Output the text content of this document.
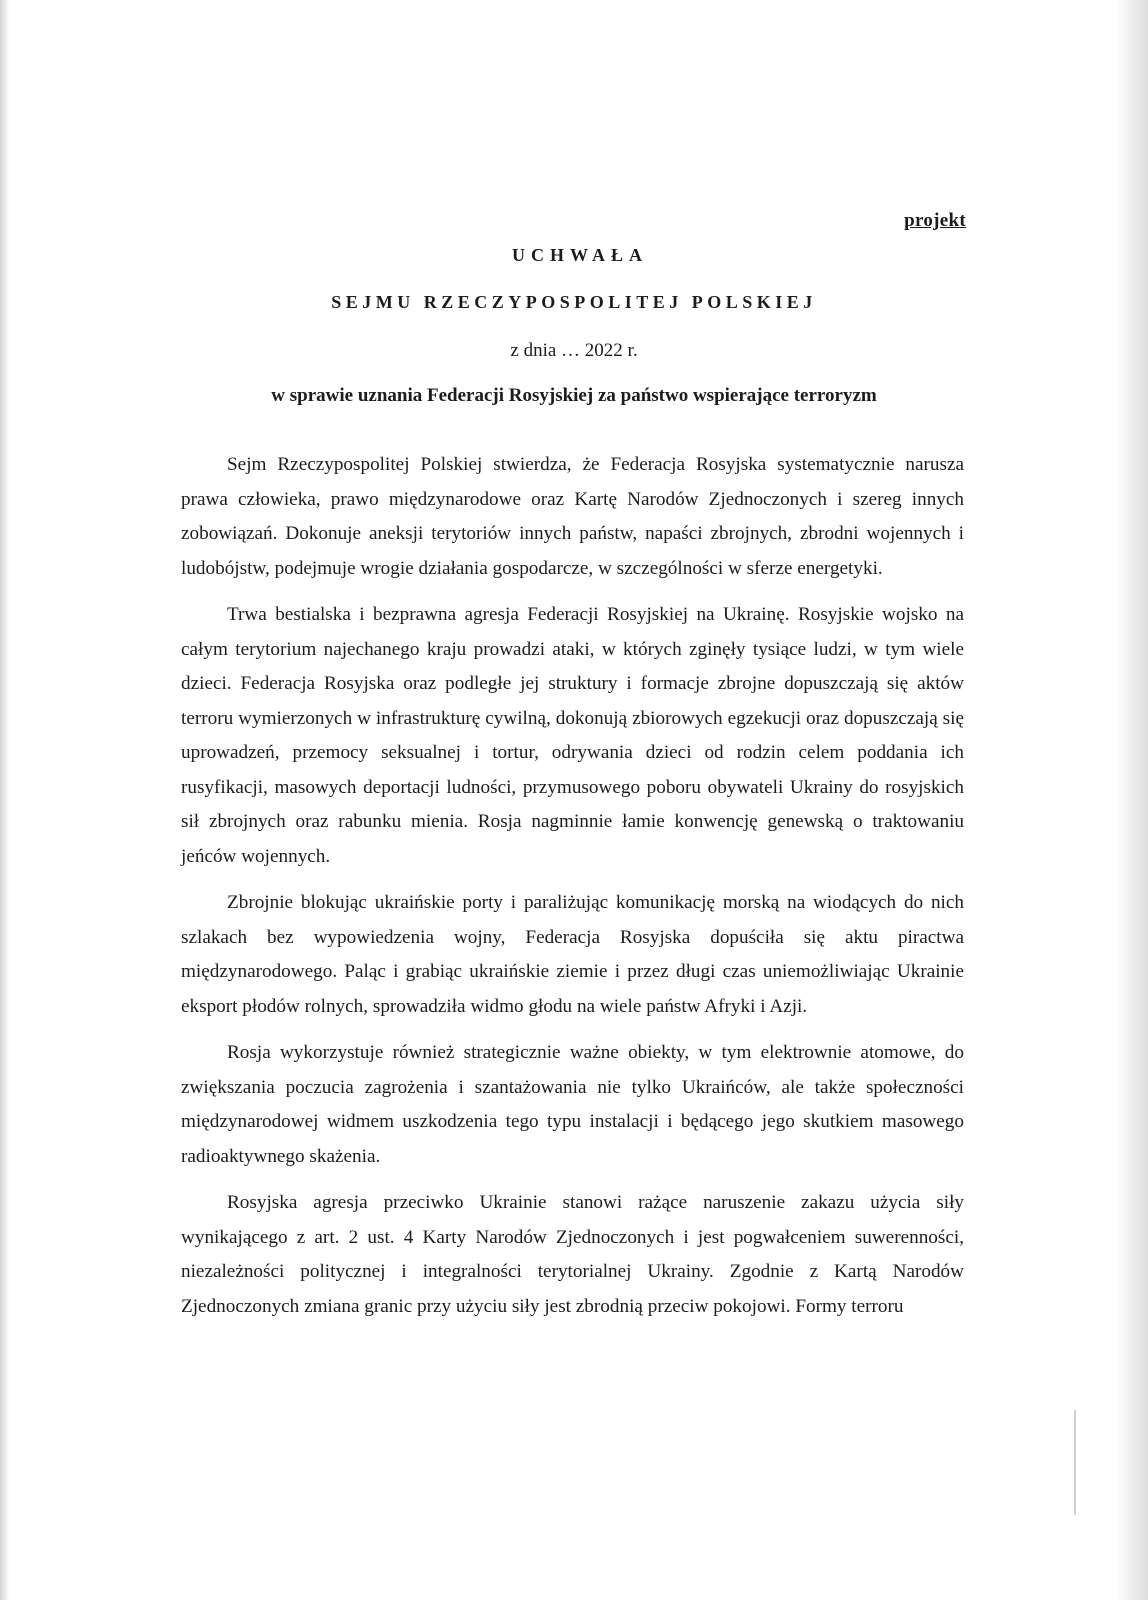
projekt
UCHWAŁA
SEJMU RZECZYPOSPOLITEJ POLSKIEJ
z dnia … 2022 r.
w sprawie uznania Federacji Rosyjskiej za państwo wspierające terroryzm

Sejm Rzeczypospolitej Polskiej stwierdza, że Federacja Rosyjska systematycznie narusza prawa człowieka, prawo międzynarodowe oraz Kartę Narodów Zjednoczonych i szereg innych zobowiązań. Dokonuje aneksji terytoriów innych państw, napaści zbrojnych, zbrodni wojennych i ludobójstw, podejmuje wrogie działania gospodarcze, w szczególności w sferze energetyki.

Trwa bestialska i bezprawna agresja Federacji Rosyjskiej na Ukrainę. Rosyjskie wojsko na całym terytorium najechanego kraju prowadzi ataki, w których zginęły tysiące ludzi, w tym wiele dzieci. Federacja Rosyjska oraz podległe jej struktury i formacje zbrojne dopuszczają się aktów terroru wymierzonych w infrastrukturę cywilną, dokonują zbiorowych egzekucji oraz dopuszczają się uprowadzeń, przemocy seksualnej i tortur, odrywania dzieci od rodzin celem poddania ich rusyfikacji, masowych deportacji ludności, przymusowego poboru obywateli Ukrainy do rosyjskich sił zbrojnych oraz rabunku mienia. Rosja nagminnie łamie konwencję genewską o traktowaniu jeńców wojennych.

Zbrojnie blokując ukraińskie porty i paraliżując komunikację morską na wiodących do nich szlakach bez wypowiedzenia wojny, Federacja Rosyjska dopuściła się aktu piractwa międzynarodowego. Paląc i grabiąc ukraińskie ziemie i przez długi czas uniemożliwiając Ukrainie eksport płodów rolnych, sprowadziła widmo głodu na wiele państw Afryki i Azji.

Rosja wykorzystuje również strategicznie ważne obiekty, w tym elektrownie atomowe, do zwiększania poczucia zagrożenia i szantażowania nie tylko Ukraińców, ale także społeczności międzynarodowej widmem uszkodzenia tego typu instalacji i będącego jego skutkiem masowego radioaktywnego skażenia.

Rosyjska agresja przeciwko Ukrainie stanowi rażące naruszenie zakazu użycia siły wynikającego z art. 2 ust. 4 Karty Narodów Zjednoczonych i jest pogwałceniem suwerenności, niezależności politycznej i integralności terytorialnej Ukrainy. Zgodnie z Kartą Narodów Zjednoczonych zmiana granic przy użyciu siły jest zbrodnią przeciw pokojowi. Formy terroru
